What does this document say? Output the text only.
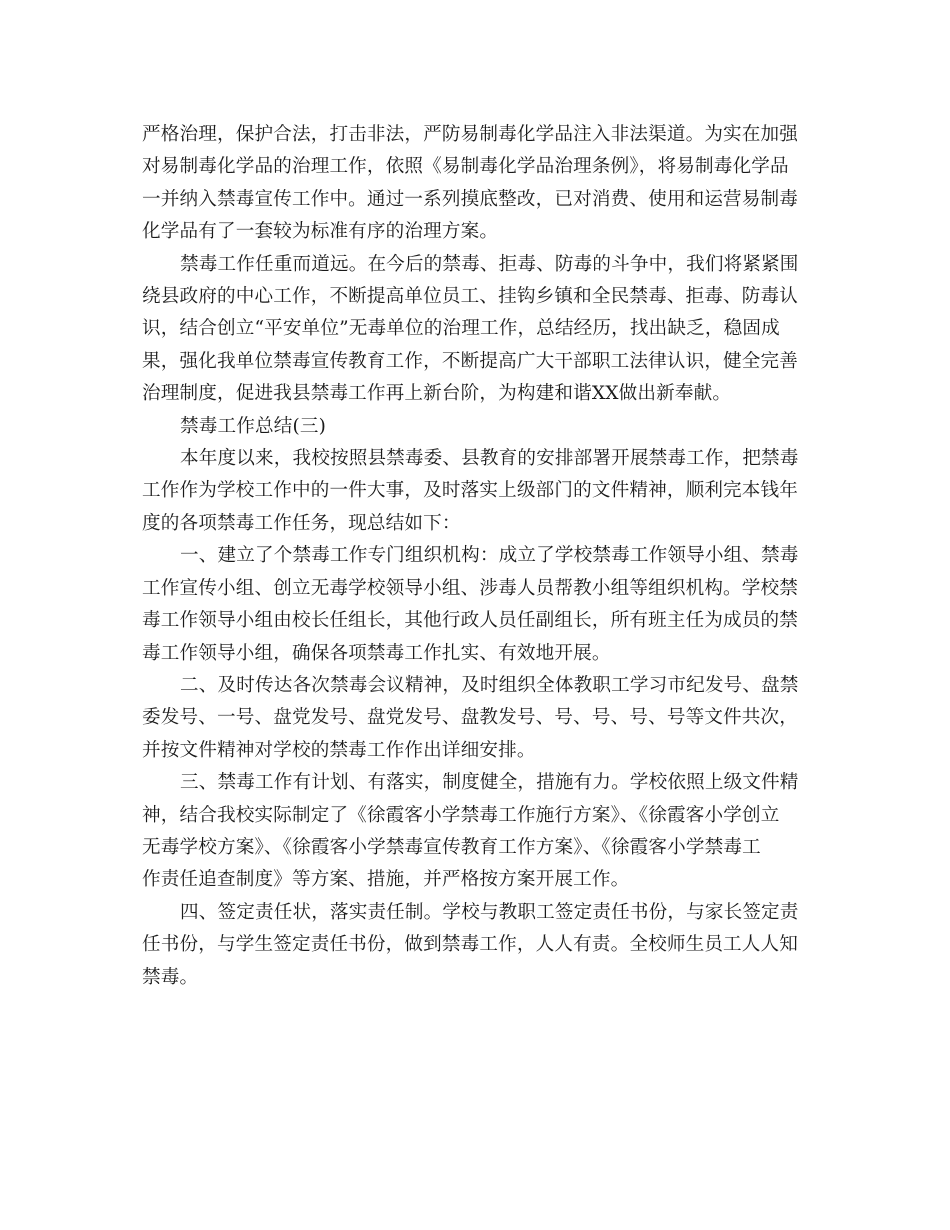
严格治理，保护合法，打击非法，严防易制毒化学品注入非法渠道。为实在加强
对易制毒化学品的治理工作，依照《易制毒化学品治理条例》，将易制毒化学品
一并纳入禁毒宣传工作中。通过一系列摸底整改，已对消费、使用和运营易制毒
化学品有了一套较为标准有序的治理方案。
禁毒工作任重而道远。在今后的禁毒、拒毒、防毒的斗争中，我们将紧紧围
绕县政府的中心工作，不断提高单位员工、挂钩乡镇和全民禁毒、拒毒、防毒认
识，结合创立“平安单位”无毒单位的治理工作，总结经历，找出缺乏，稳固成
果，强化我单位禁毒宣传教育工作，不断提高广大干部职工法律认识，健全完善
治理制度，促进我县禁毒工作再上新台阶，为构建和谐XX做出新奉献。
禁毒工作总结(三)
本年度以来，我校按照县禁毒委、县教育的安排部署开展禁毒工作，把禁毒
工作作为学校工作中的一件大事，及时落实上级部门的文件精神，顺利完本钱年
度的各项禁毒工作任务，现总结如下：
一、建立了个禁毒工作专门组织机构：成立了学校禁毒工作领导小组、禁毒
工作宣传小组、创立无毒学校领导小组、涉毒人员帮教小组等组织机构。学校禁
毒工作领导小组由校长任组长，其他行政人员任副组长，所有班主任为成员的禁
毒工作领导小组，确保各项禁毒工作扎实、有效地开展。
二、及时传达各次禁毒会议精神，及时组织全体教职工学习市纪发号、盘禁
委发号、一号、盘党发号、盘党发号、盘教发号、号、号、号、号等文件共次，
并按文件精神对学校的禁毒工作作出详细安排。
三、禁毒工作有计划、有落实，制度健全，措施有力。学校依照上级文件精
神，结合我校实际制定了《徐霞客小学禁毒工作施行方案》、《徐霞客小学创立
无毒学校方案》、《徐霞客小学禁毒宣传教育工作方案》、《徐霞客小学禁毒工
作责任追查制度》等方案、措施，并严格按方案开展工作。
四、签定责任状，落实责任制。学校与教职工签定责任书份，与家长签定责
任书份，与学生签定责任书份，做到禁毒工作，人人有责。全校师生员工人人知
禁毒。
